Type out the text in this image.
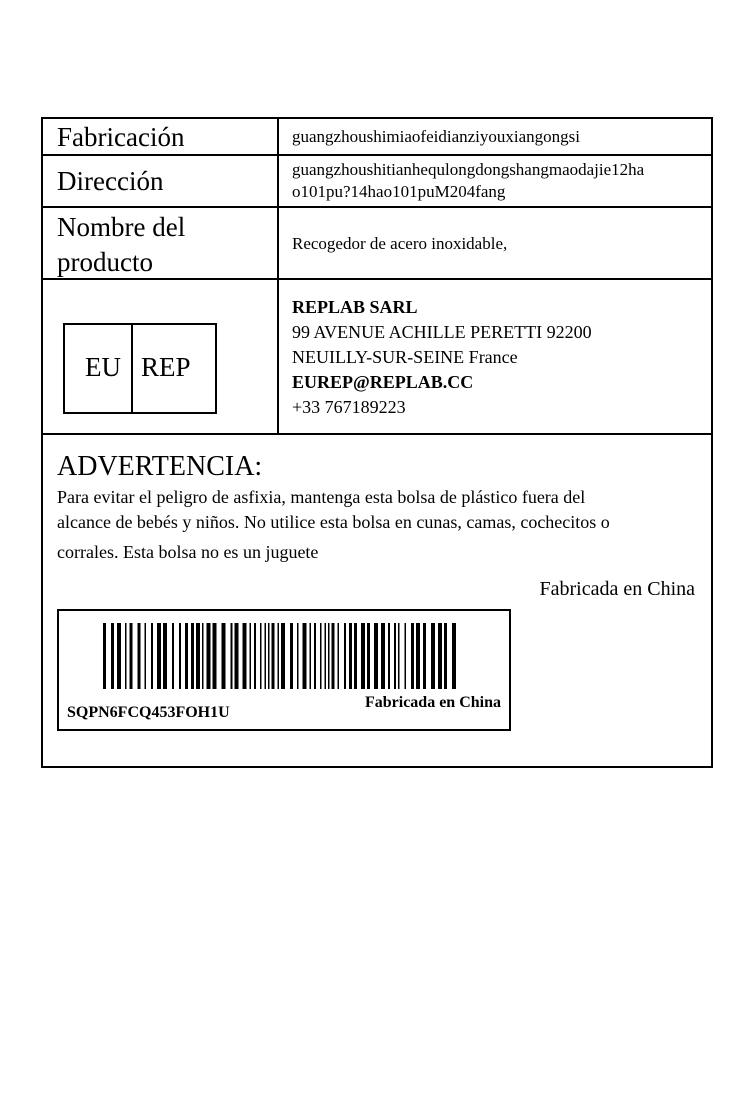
Fabricación	guangzhoushimiaofeidianziyouxiangongsi
Dirección	guangzhoushitianhequlongdongshangmaodajie12ha
o101pu?14hao101puM204fang
Nombre del
producto
Recogedor de acero inoxidable,
EU REP
REPLAB SARL
99 AVENUE ACHILLE PERETTI 92200
NEUILLY-SUR-SEINE France
EUREP@REPLAB.CC
+33 767189223
ADVERTENCIA:
Para evitar el peligro de asfixia, mantenga esta bolsa de plástico fuera del
alcance de bebés y niños. No utilice esta bolsa en cunas, camas, cochecitos o
corrales. Esta bolsa no es un juguete
Fabricada en China
SQPN6FCQ453FOH1U
Fabricada en China
